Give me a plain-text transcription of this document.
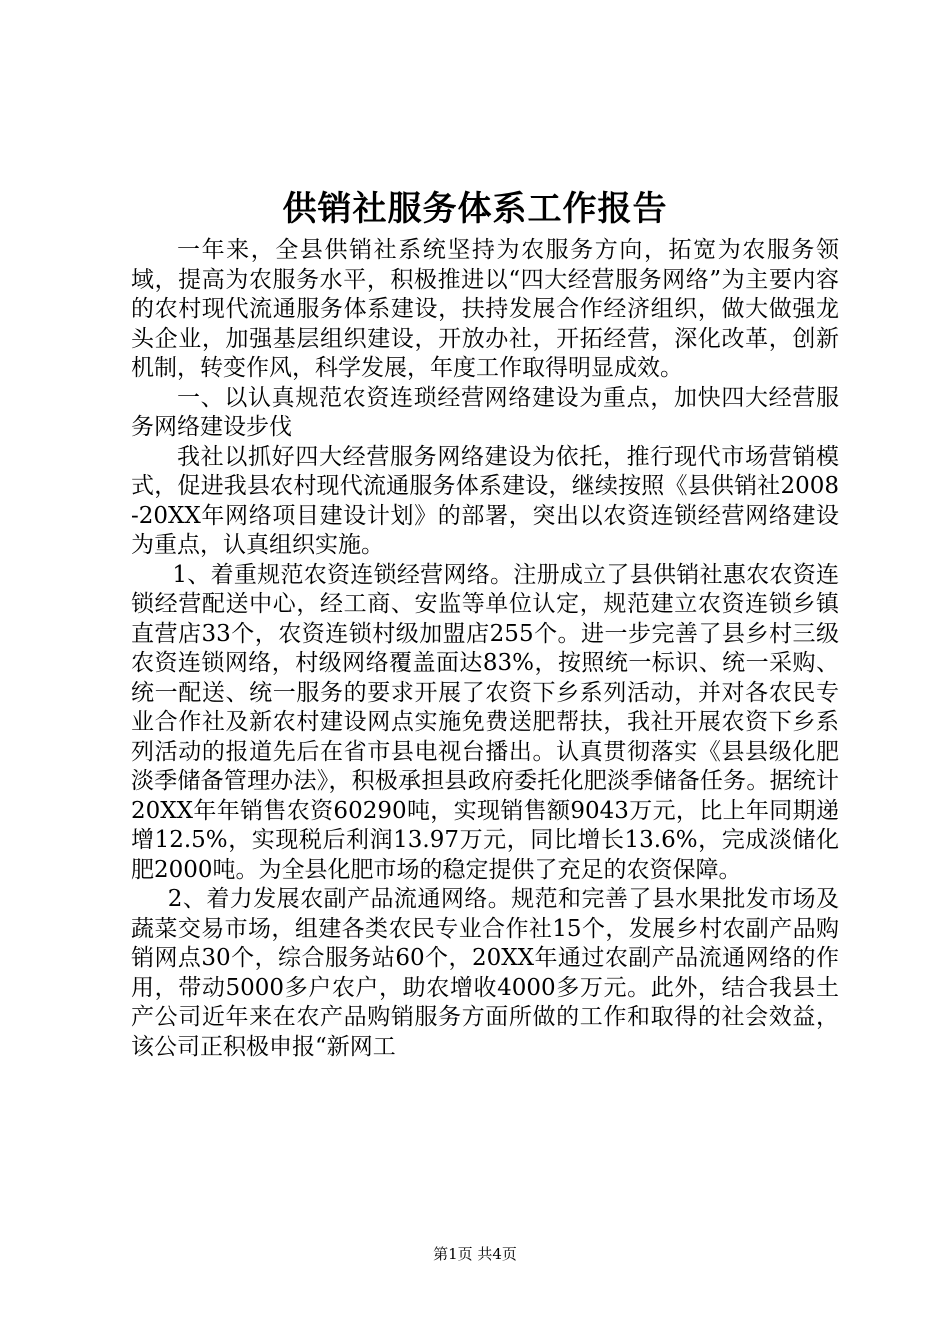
供销社服务体系工作报告

一年来，全县供销社系统坚持为农服务方向，拓宽为农服务领域，提高为农服务水平，积极推进以“四大经营服务网络”为主要内容的农村现代流通服务体系建设，扶持发展合作经济组织，做大做强龙头企业，加强基层组织建设，开放办社，开拓经营，深化改革，创新机制，转变作风，科学发展，年度工作取得明显成效。

一、以认真规范农资连琐经营网络建设为重点，加快四大经营服务网络建设步伐

我社以抓好四大经营服务网络建设为依托，推行现代市场营销模式，促进我县农村现代流通服务体系建设，继续按照《县供销社2008-20XX年网络项目建设计划》的部署，突出以农资连锁经营网络建设为重点，认真组织实施。

1、着重规范农资连锁经营网络。注册成立了县供销社惠农农资连锁经营配送中心，经工商、安监等单位认定，规范建立农资连锁乡镇直营店33个，农资连锁村级加盟店255个。进一步完善了县乡村三级农资连锁网络，村级网络覆盖面达83%，按照统一标识、统一采购、统一配送、统一服务的要求开展了农资下乡系列活动，并对各农民专业合作社及新农村建设网点实施免费送肥帮扶，我社开展农资下乡系列活动的报道先后在省市县电视台播出。认真贯彻落实《县县级化肥淡季储备管理办法》，积极承担县政府委托化肥淡季储备任务。据统计20XX年年销售农资60290吨，实现销售额9043万元，比上年同期递增12.5%，实现税后利润13.97万元，同比增长13.6%，完成淡储化肥2000吨。为全县化肥市场的稳定提供了充足的农资保障。

2、着力发展农副产品流通网络。规范和完善了县水果批发市场及蔬菜交易市场，组建各类农民专业合作社15个，发展乡村农副产品购销网点30个，综合服务站60个，20XX年通过农副产品流通网络的作用，带动5000多户农户，助农增收4000多万元。此外，结合我县土产公司近年来在农产品购销服务方面所做的工作和取得的社会效益，该公司正积极申报“新网工

第1页 共4页
